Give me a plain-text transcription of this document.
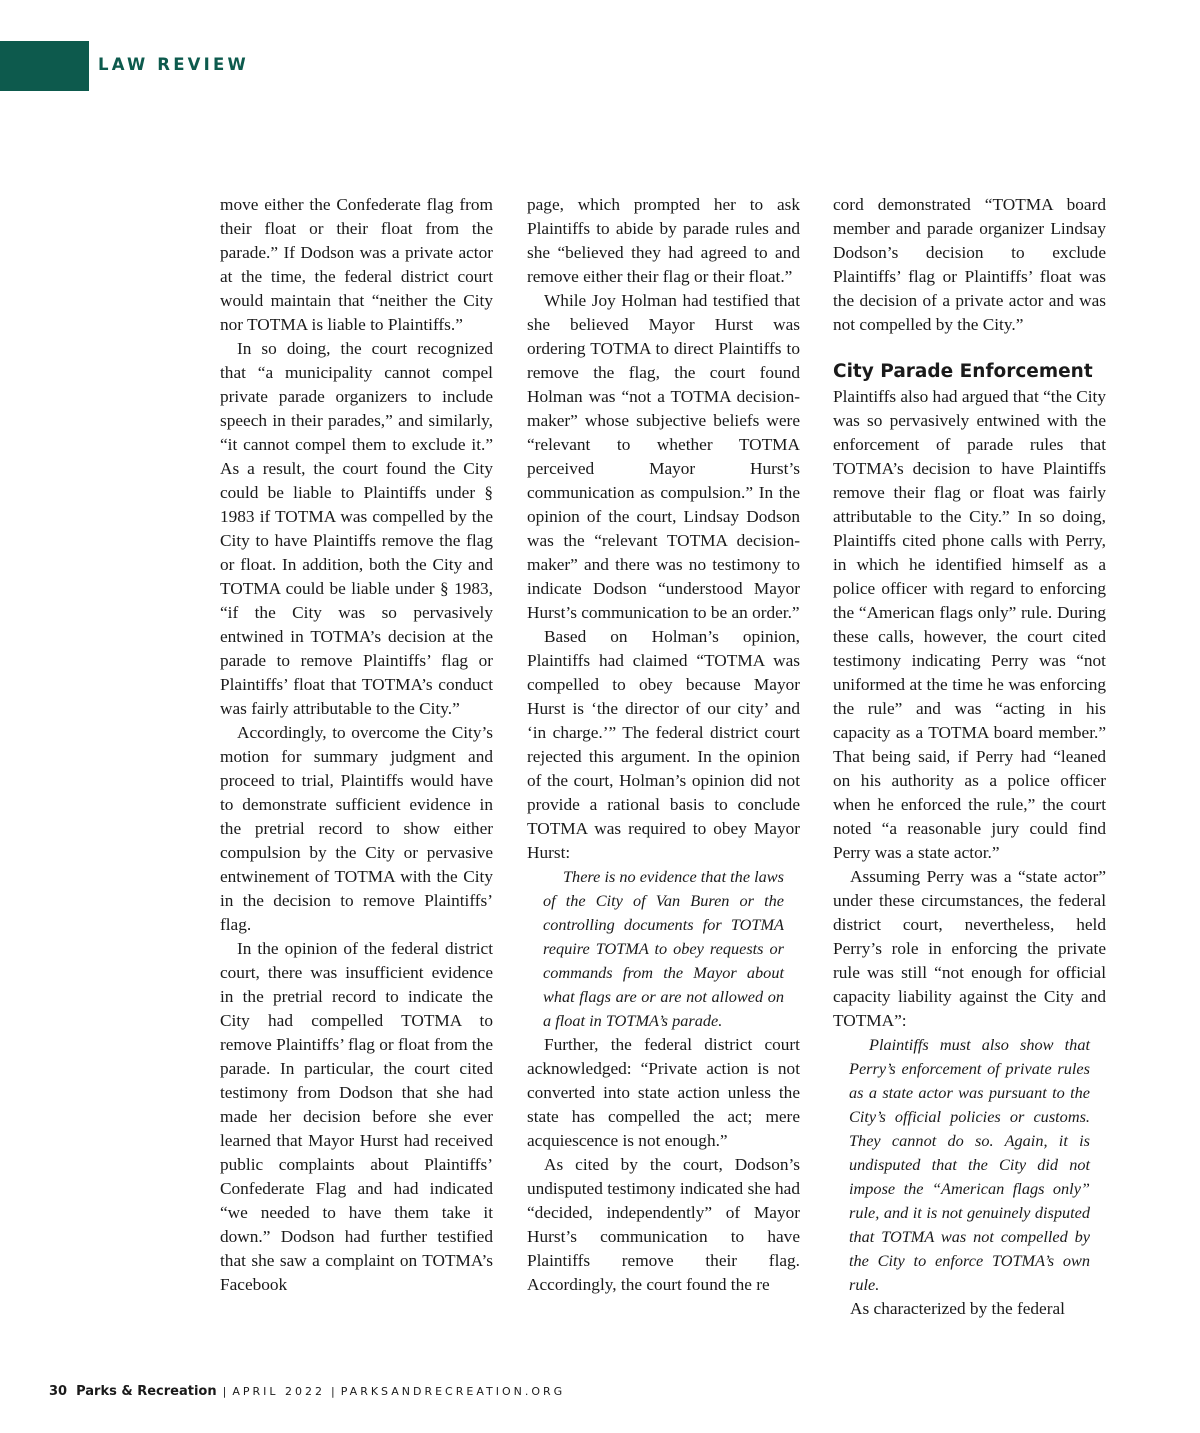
LAW REVIEW

move either the Confederate flag from their float or their float from the parade.” If Dodson was a private actor at the time, the federal district court would maintain that “neither the City nor TOTMA is liable to Plaintiffs.”

In so doing, the court recognized that “a municipality cannot compel private parade organizers to include speech in their parades,” and similarly, “it cannot compel them to exclude it.” As a result, the court found the City could be liable to Plaintiffs under § 1983 if TOTMA was compelled by the City to have Plaintiffs remove the flag or float. In addition, both the City and TOTMA could be liable under § 1983, “if the City was so pervasively entwined in TOTMA’s decision at the parade to remove Plaintiffs’ flag or Plaintiffs’ float that TOTMA’s conduct was fairly attributable to the City.”

Accordingly, to overcome the City’s motion for summary judgment and proceed to trial, Plaintiffs would have to demonstrate sufficient evidence in the pretrial record to show either compulsion by the City or pervasive entwinement of TOTMA with the City in the decision to remove Plaintiffs’ flag.

In the opinion of the federal district court, there was insufficient evidence in the pretrial record to indicate the City had compelled TOTMA to remove Plaintiffs’ flag or float from the parade. In particular, the court cited testimony from Dodson that she had made her decision before she ever learned that Mayor Hurst had received public complaints about Plaintiffs’ Confederate Flag and had indicated “we needed to have them take it down.” Dodson had further testified that she saw a complaint on TOTMA’s Facebook

page, which prompted her to ask Plaintiffs to abide by parade rules and she “believed they had agreed to and remove either their flag or their float.”

While Joy Holman had testified that she believed Mayor Hurst was ordering TOTMA to direct Plaintiffs to remove the flag, the court found Holman was “not a TOTMA decision-maker” whose subjective beliefs were “relevant to whether TOTMA perceived Mayor Hurst’s communication as compulsion.” In the opinion of the court, Lindsay Dodson was the “relevant TOTMA decision-maker” and there was no testimony to indicate Dodson “understood Mayor Hurst’s communication to be an order.”

Based on Holman’s opinion, Plaintiffs had claimed “TOTMA was compelled to obey because Mayor Hurst is ‘the director of our city’ and ‘in charge.’” The federal district court rejected this argument. In the opinion of the court, Holman’s opinion did not provide a rational basis to conclude TOTMA was required to obey Mayor Hurst:

There is no evidence that the laws of the City of Van Buren or the controlling documents for TOTMA require TOTMA to obey requests or commands from the Mayor about what flags are or are not allowed on a float in TOTMA’s parade.

Further, the federal district court acknowledged: “Private action is not converted into state action unless the state has compelled the act; mere acquiescence is not enough.”

As cited by the court, Dodson’s undisputed testimony indicated she had “decided, independently” of Mayor Hurst’s communication to have Plaintiffs remove their flag. Accordingly, the court found the re

cord demonstrated “TOTMA board member and parade organizer Lindsay Dodson’s decision to exclude Plaintiffs’ flag or Plaintiffs’ float was the decision of a private actor and was not compelled by the City.”

City Parade Enforcement

Plaintiffs also had argued that “the City was so pervasively entwined with the enforcement of parade rules that TOTMA’s decision to have Plaintiffs remove their flag or float was fairly attributable to the City.” In so doing, Plaintiffs cited phone calls with Perry, in which he identified himself as a police officer with regard to enforcing the “American flags only” rule. During these calls, however, the court cited testimony indicating Perry was “not uniformed at the time he was enforcing the rule” and was “acting in his capacity as a TOTMA board member.” That being said, if Perry had “leaned on his authority as a police officer when he enforced the rule,” the court noted “a reasonable jury could find Perry was a state actor.”

Assuming Perry was a “state actor” under these circumstances, the federal district court, nevertheless, held Perry’s role in enforcing the private rule was still “not enough for official capacity liability against the City and TOTMA”:

Plaintiffs must also show that Perry’s enforcement of private rules as a state actor was pursuant to the City’s official policies or customs. They cannot do so. Again, it is undisputed that the City did not impose the “American flags only” rule, and it is not genuinely disputed that TOTMA was not compelled by the City to enforce TOTMA’s own rule.

As characterized by the federal

30 Parks & Recreation | APRIL 2022 | PARKSANDRECREATION.ORG
